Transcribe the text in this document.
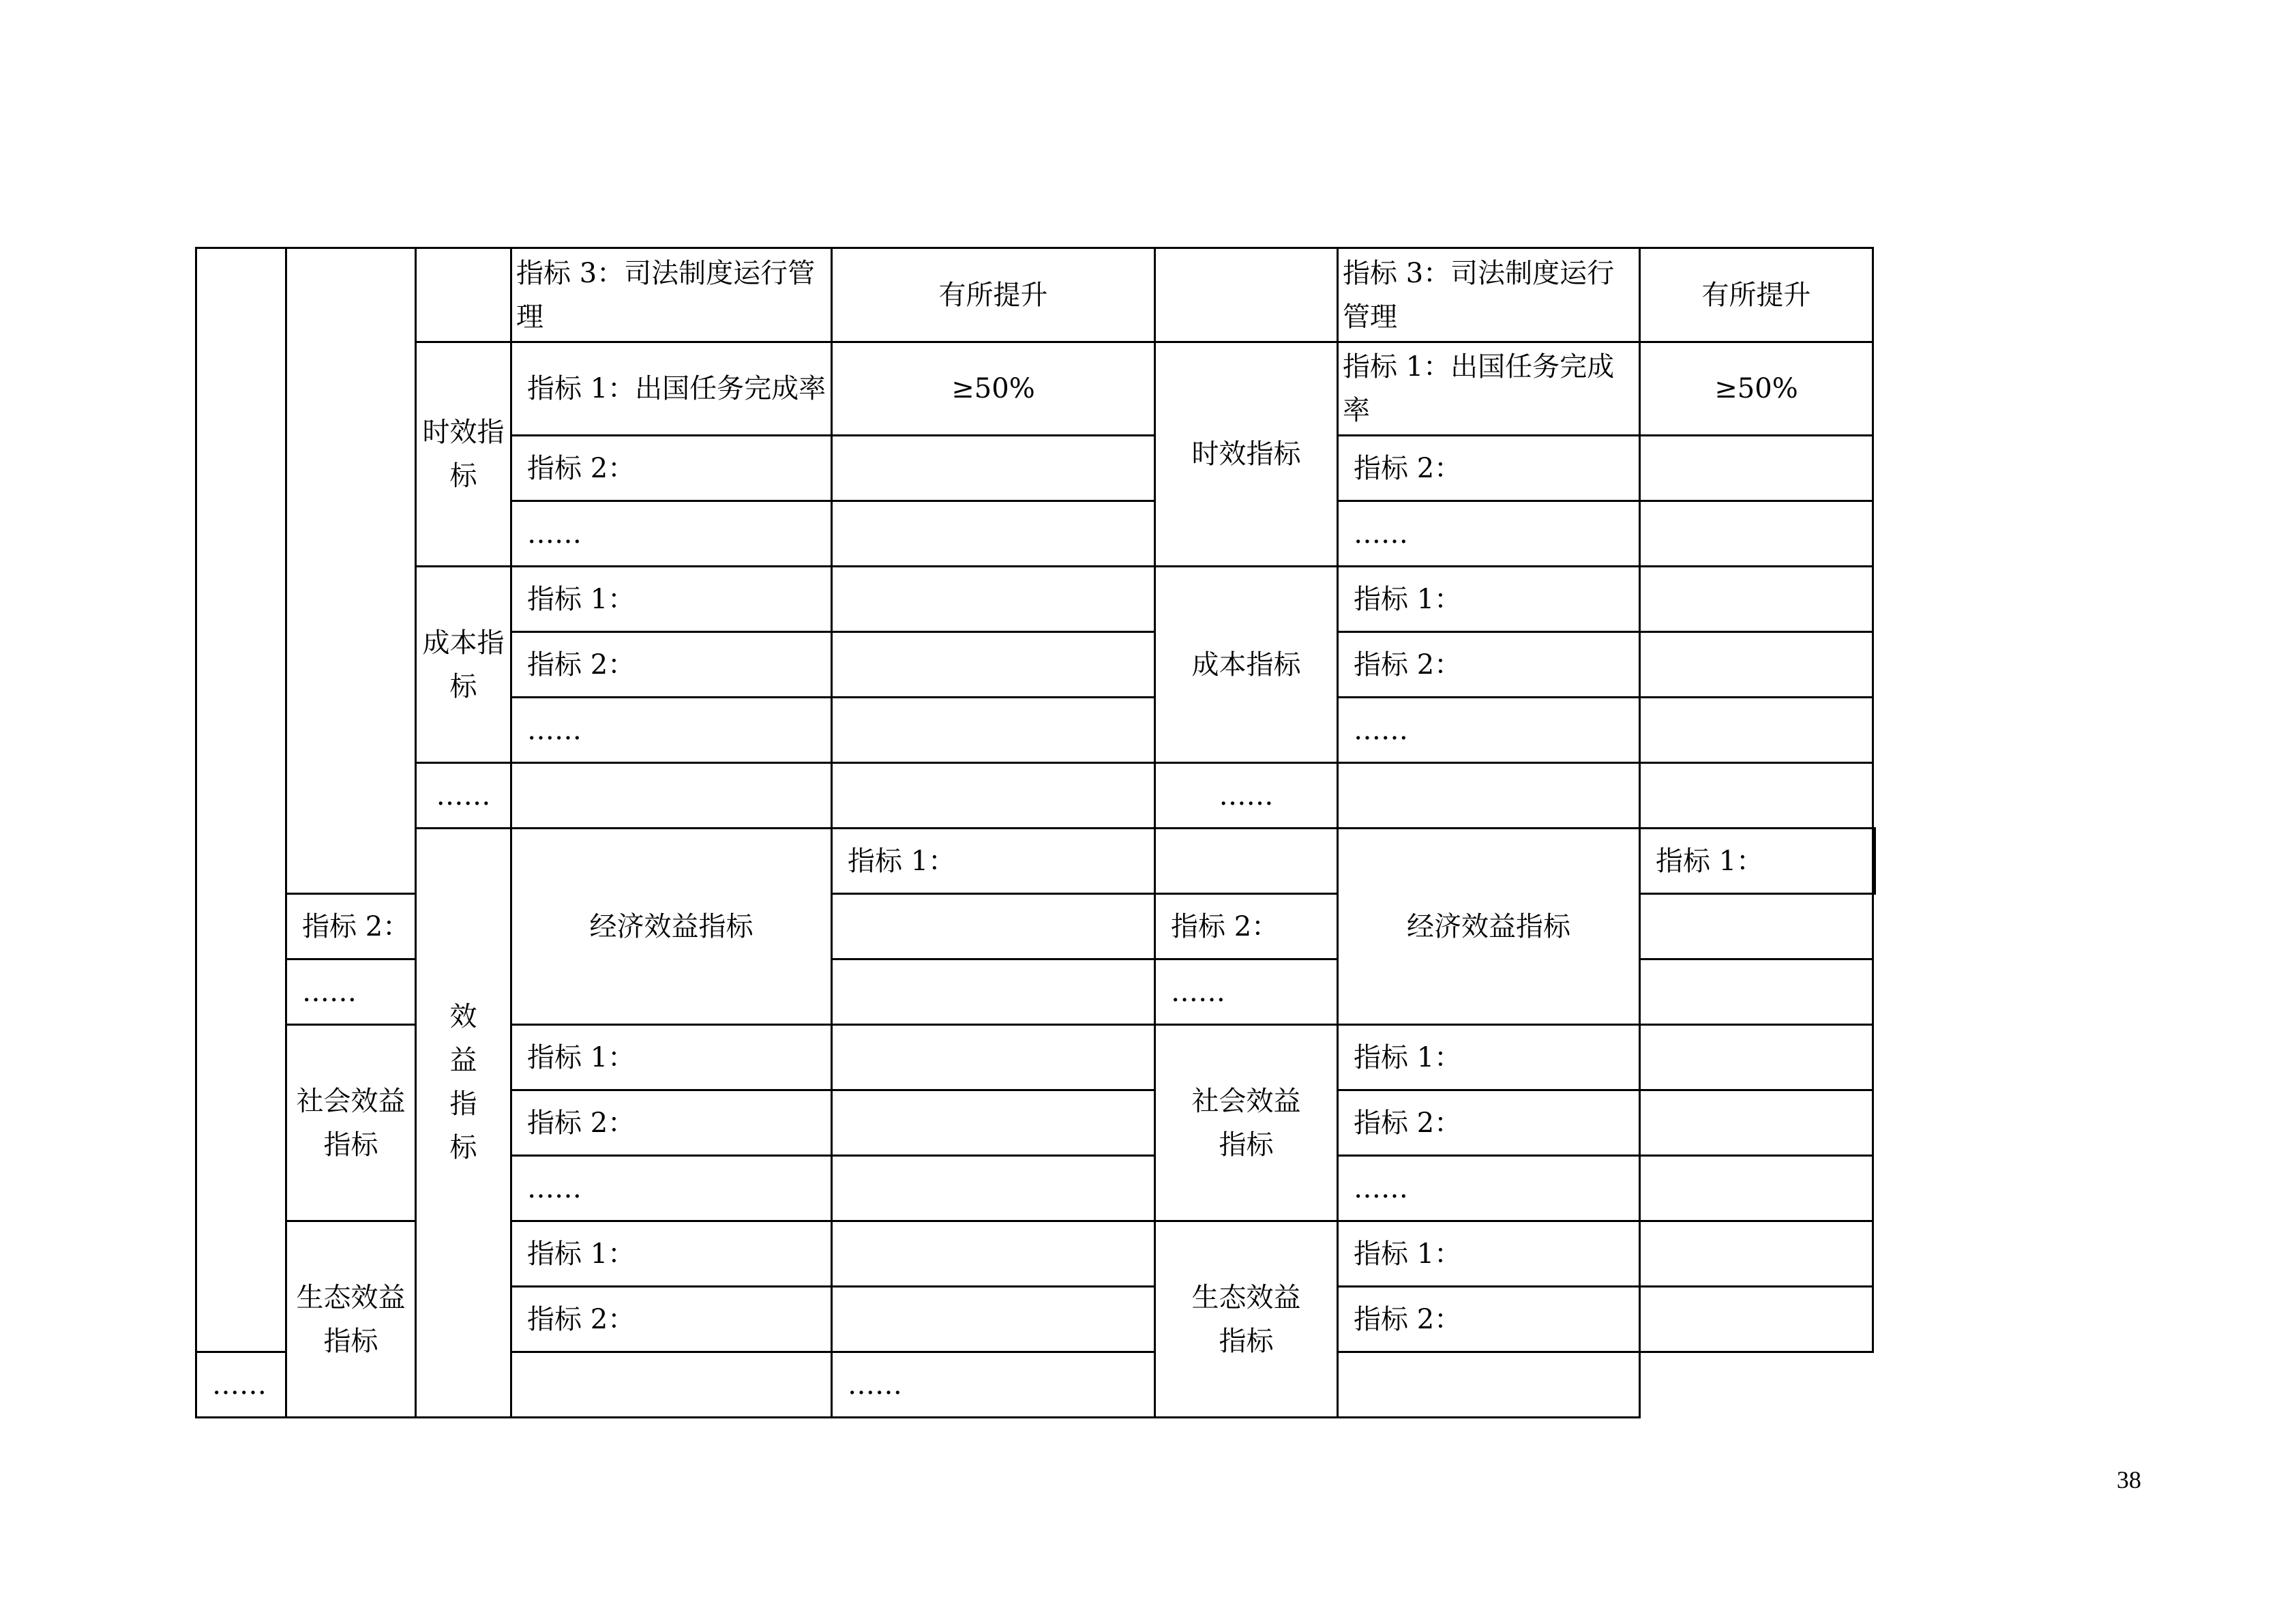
			指标 3：司法制度运行管理	有所提升		指标 3：司法制度运行管理	有所提升	
		时效指标	指标 1：出国任务完成率	≥50%	时效指标	指标 1：出国任务完成率	≥50%	
			指标 2：			指标 2：		
			……			……		
		成本指标	指标 1：		成本指标	指标 1：		
			指标 2：			指标 2：		
			……			……		
		……			……			

		效益指标	经济效益指标	指标 1：		经济效益指标	指标 1：	
	指标 2：				指标 2：			
	……				……			
	社会效益指标		指标 1：		社会效益指标	指标 1：		
			指标 2：			指标 2：		
			……			……		
	生态效益指标		指标 1：		生态效益指标	指标 1：		
			指标 2：			指标 2：		
……				……				
38
